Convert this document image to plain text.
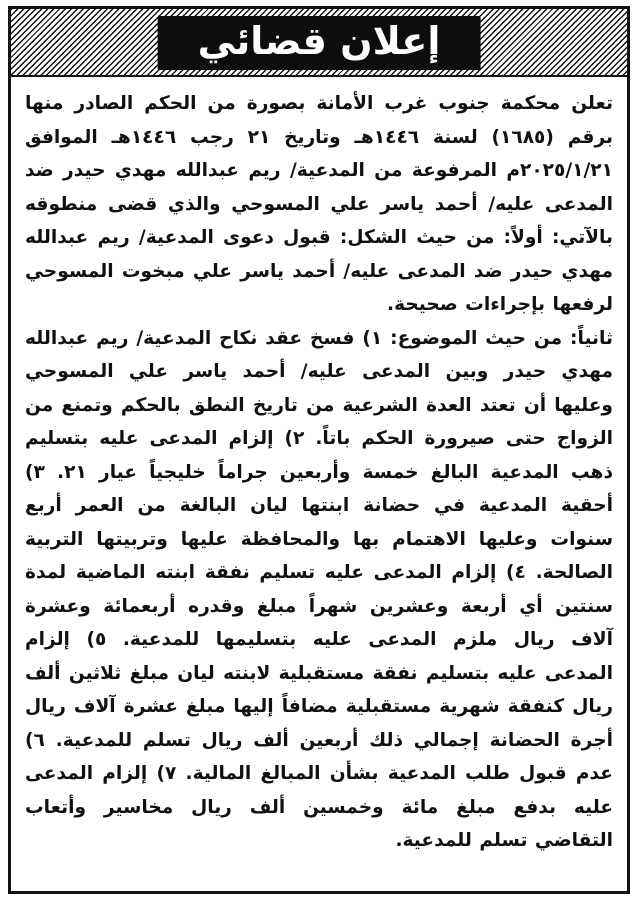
إعلان قضائي

تعلن محكمة جنوب غرب الأمانة بصورة من الحكم الصادر منها برقم (١٦٨٥) لسنة ١٤٤٦هـ وتاريخ ٢١ رجب ١٤٤٦هـ الموافق ٢٠٢٥/١/٢١م المرفوعة من المدعية/ ريم عبدالله مهدي حيدر ضد المدعى عليه/ أحمد ياسر علي المسوحي والذي قضى منطوقه بالآتي: أولاً: من حيث الشكل: قبول دعوى المدعية/ ريم عبدالله مهدي حيدر ضد المدعى عليه/ أحمد ياسر علي مبخوت المسوحي لرفعها بإجراءات صحيحة.

ثانياً: من حيث الموضوع: ١) فسخ عقد نكاح المدعية/ ريم عبدالله مهدي حيدر وبين المدعى عليه/ أحمد ياسر علي المسوحي وعليها أن تعتد العدة الشرعية من تاريخ النطق بالحكم وتمنع من الزواج حتى صيرورة الحكم باتاً. ٢) إلزام المدعى عليه بتسليم ذهب المدعية البالغ خمسة وأربعين جراماً خليجياً عيار ٢١. ٣) أحقية المدعية في حضانة ابنتها ليان البالغة من العمر أربع سنوات وعليها الاهتمام بها والمحافظة عليها وتربيتها التربية الصالحة. ٤) إلزام المدعى عليه تسليم نفقة ابنته الماضية لمدة سنتين أي أربعة وعشرين شهراً مبلغ وقدره أربعمائة وعشرة آلاف ريال ملزم المدعى عليه بتسليمها للمدعية. ٥) إلزام المدعى عليه بتسليم نفقة مستقبلية لابنته ليان مبلغ ثلاثين ألف ريال كنفقة شهرية مستقبلية مضافاً إليها مبلغ عشرة آلاف ريال أجرة الحضانة إجمالي ذلك أربعين ألف ريال تسلم للمدعية. ٦) عدم قبول طلب المدعية بشأن المبالغ المالية. ٧) إلزام المدعى عليه بدفع مبلغ مائة وخمسين ألف ريال مخاسير وأتعاب التقاضي تسلم للمدعية.
